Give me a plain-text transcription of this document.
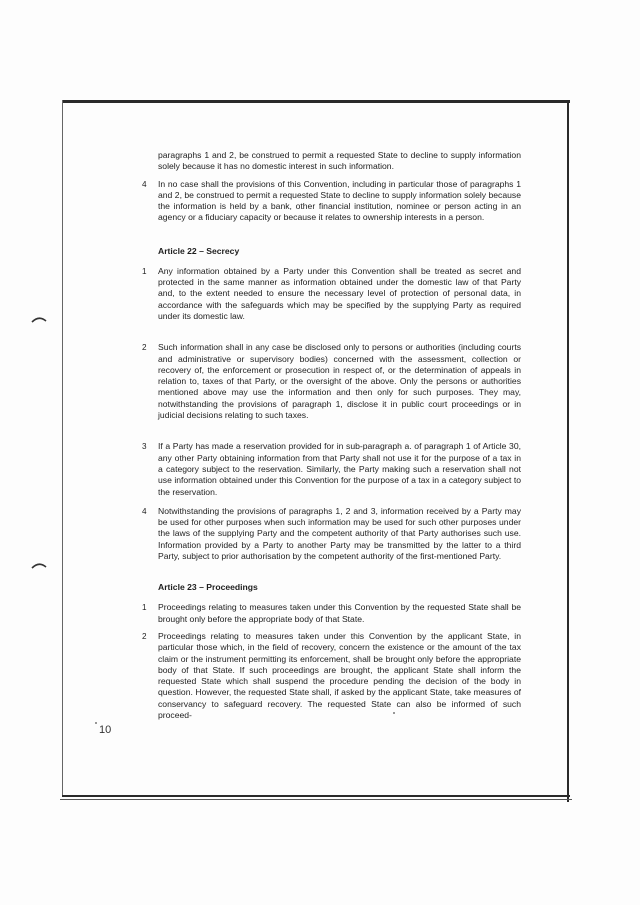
paragraphs 1 and 2, be construed to permit a requested State to decline to supply information solely because it has no domestic interest in such information.
4	In no case shall the provisions of this Convention, including in particular those of paragraphs 1 and 2, be construed to permit a requested State to decline to supply information solely because the information is held by a bank, other financial institution, nominee or person acting in an agency or a fiduciary capacity or because it relates to ownership interests in a person.
Article 22 – Secrecy
1	Any information obtained by a Party under this Convention shall be treated as secret and protected in the same manner as information obtained under the domestic law of that Party and, to the extent needed to ensure the necessary level of protection of personal data, in accordance with the safeguards which may be specified by the supplying Party as required under its domestic law.
2	Such information shall in any case be disclosed only to persons or authorities (including courts and administrative or supervisory bodies) concerned with the assessment, collection or recovery of, the enforcement or prosecution in respect of, or the determination of appeals in relation to, taxes of that Party, or the oversight of the above. Only the persons or authorities mentioned above may use the information and then only for such purposes. They may, notwithstanding the provisions of paragraph 1, disclose it in public court proceedings or in judicial decisions relating to such taxes.
3	If a Party has made a reservation provided for in sub-paragraph a. of paragraph 1 of Article 30, any other Party obtaining information from that Party shall not use it for the purpose of a tax in a category subject to the reservation. Similarly, the Party making such a reservation shall not use information obtained under this Convention for the purpose of a tax in a category subject to the reservation.
4	Notwithstanding the provisions of paragraphs 1, 2 and 3, information received by a Party may be used for other purposes when such information may be used for such other purposes under the laws of the supplying Party and the competent authority of that Party authorises such use. Information provided by a Party to another Party may be transmitted by the latter to a third Party, subject to prior authorisation by the competent authority of the first-mentioned Party.
Article 23 – Proceedings
1	Proceedings relating to measures taken under this Convention by the requested State shall be brought only before the appropriate body of that State.
2	Proceedings relating to measures taken under this Convention by the applicant State, in particular those which, in the field of recovery, concern the existence or the amount of the tax claim or the instrument permitting its enforcement, shall be brought only before the appropriate body of that State. If such proceedings are brought, the applicant State shall inform the requested State which shall suspend the procedure pending the decision of the body in question. However, the requested State shall, if asked by the applicant State, take measures of conservancy to safeguard recovery. The requested State can also be informed of such proceed-
10
